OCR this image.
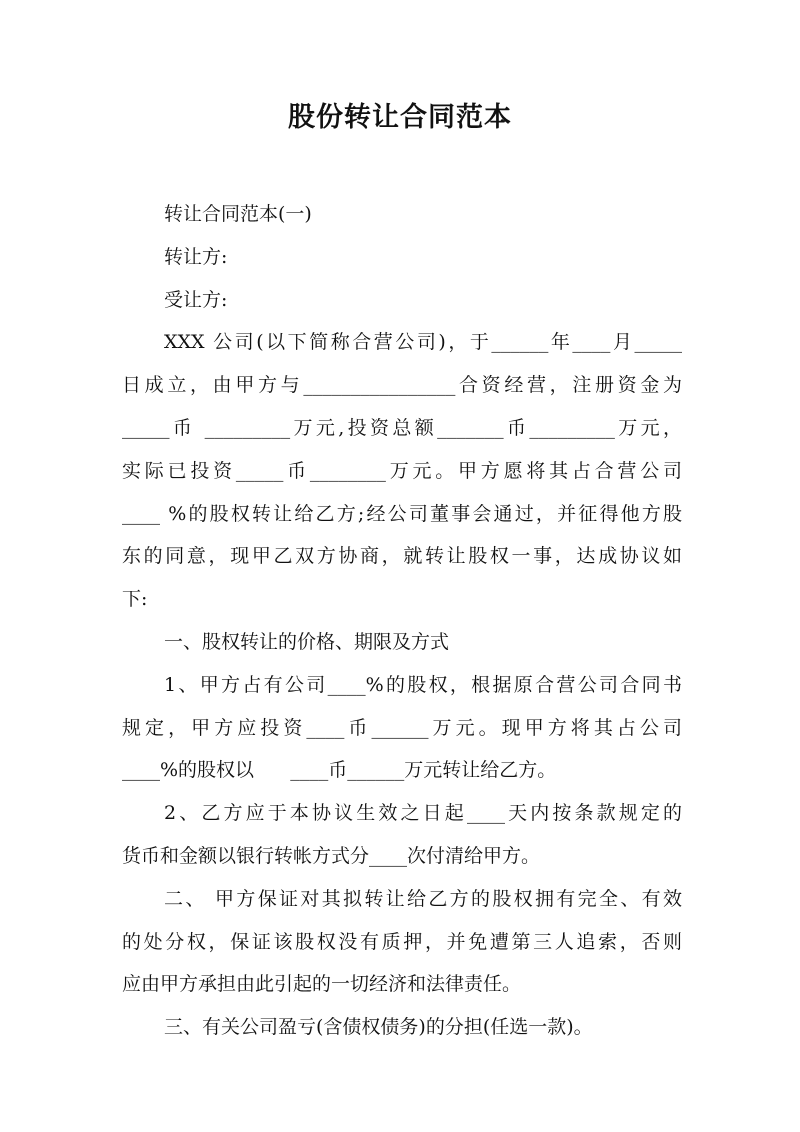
股份转让合同范本
转让合同范本(一)
转让方:
受让方:
XXX 公司(以下简称合营公司)，于______年____月_____
日成立，由甲方与________________合资经营，注册资金为
_____币 _________万元,投资总额_______币_________万元，
实际已投资_____币________万元。甲方愿将其占合营公司
____ %的股权转让给乙方;经公司董事会通过，并征得他方股
东的同意，现甲乙双方协商，就转让股权一事，达成协议如
下:
一、股权转让的价格、期限及方式
1、甲方占有公司____%的股权，根据原合营公司合同书
规定，甲方应投资____币______万元。现甲方将其占公司
____%的股权以      ____币______万元转让给乙方。
2、乙方应于本协议生效之日起____天内按条款规定的
货币和金额以银行转帐方式分____次付清给甲方。
二、 甲方保证对其拟转让给乙方的股权拥有完全、有效
的处分权，保证该股权没有质押，并免遭第三人追索，否则
应由甲方承担由此引起的一切经济和法律责任。
三、有关公司盈亏(含债权债务)的分担(任选一款)。
